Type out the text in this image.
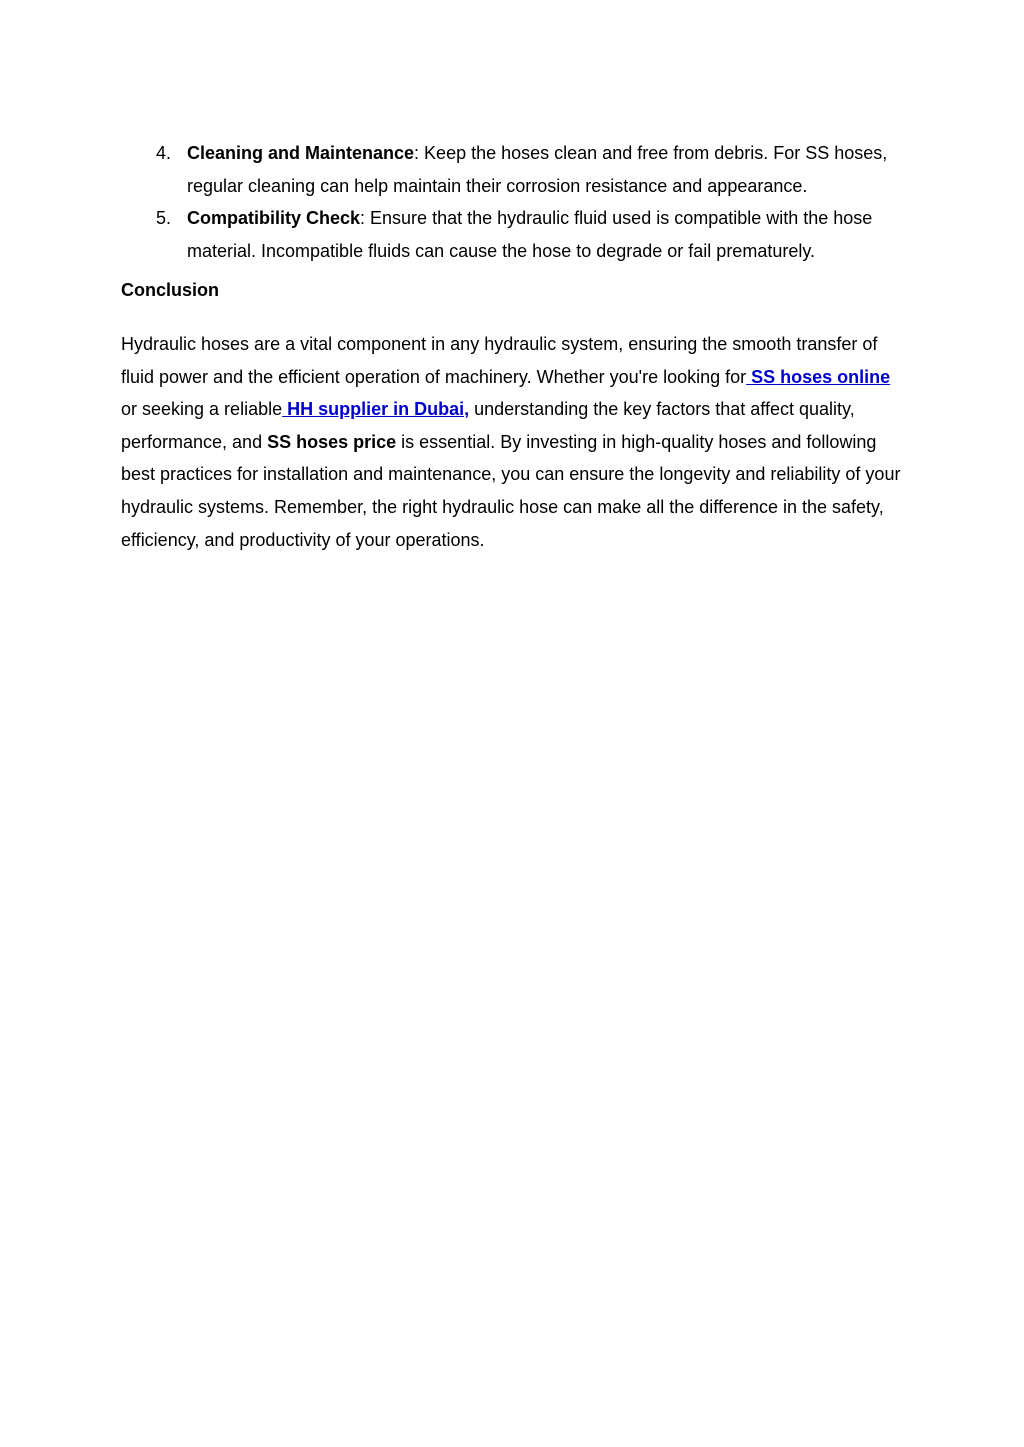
4. Cleaning and Maintenance: Keep the hoses clean and free from debris. For SS hoses, regular cleaning can help maintain their corrosion resistance and appearance.
5. Compatibility Check: Ensure that the hydraulic fluid used is compatible with the hose material. Incompatible fluids can cause the hose to degrade or fail prematurely.
Conclusion

Hydraulic hoses are a vital component in any hydraulic system, ensuring the smooth transfer of fluid power and the efficient operation of machinery. Whether you're looking for SS hoses online or seeking a reliable HH supplier in Dubai, understanding the key factors that affect quality, performance, and SS hoses price is essential. By investing in high-quality hoses and following best practices for installation and maintenance, you can ensure the longevity and reliability of your hydraulic systems. Remember, the right hydraulic hose can make all the difference in the safety, efficiency, and productivity of your operations.
